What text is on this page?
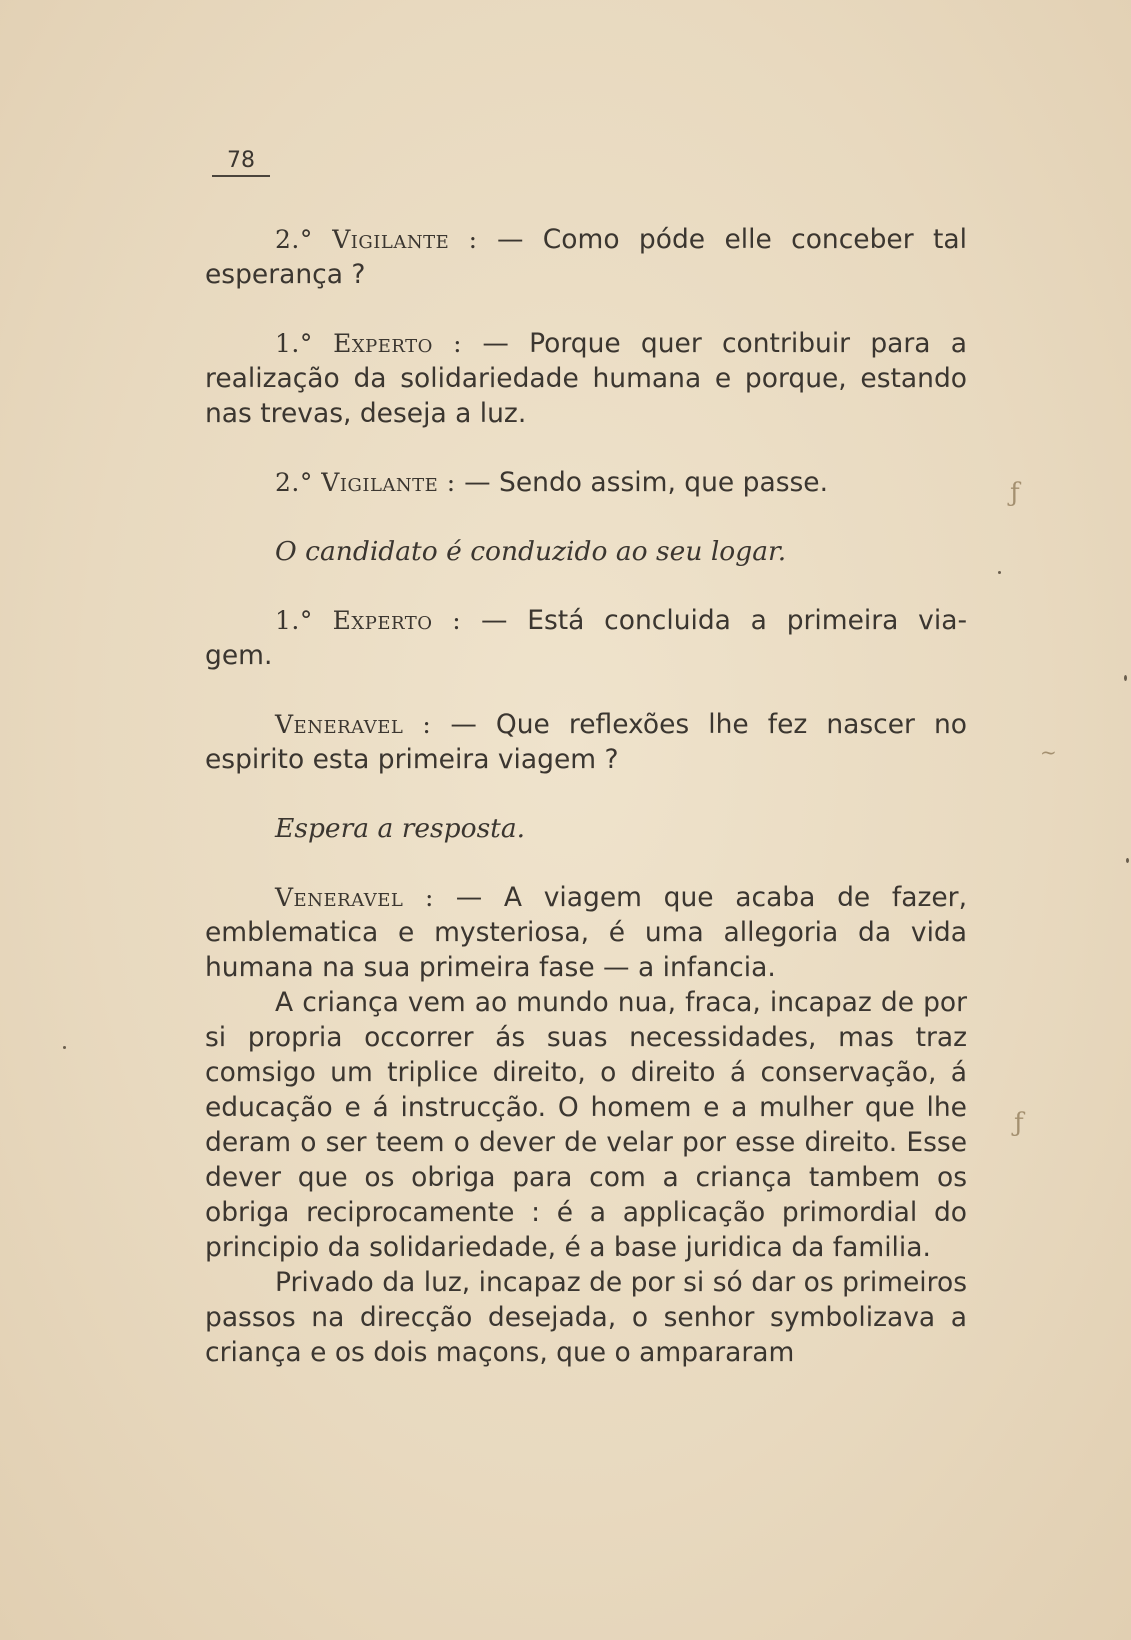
78

2.° Vigilante : — Como póde elle conceber tal
esperança ?

1.° Experto : — Porque quer contribuir para a
realização da solidariedade humana e porque, estando nas trevas, deseja a luz.

2.° Vigilante : — Sendo assim, que passe.

O candidato é conduzido ao seu logar.

1.° Experto : — Está concluida a primeira via-
gem.

Veneravel : — Que reflexões lhe fez nascer no
espirito esta primeira viagem ?

Espera a resposta.

Veneravel : — A viagem que acaba de fazer,
emblematica e mysteriosa, é uma allegoria da vida humana na sua primeira fase — a infancia.

A criança vem ao mundo nua, fraca, incapaz de por si propria occorrer ás suas necessidades, mas traz comsigo um triplice direito, o direito á conservação, á educação e á instrucção. O homem e a mulher que lhe deram o ser teem o dever de velar por esse direito. Esse dever que os obriga para com a criança tambem os obriga reciprocamente : é a applicação primordial do principio da solidariedade, é a base juridica da familia.

Privado da luz, incapaz de por si só dar os primeiros passos na direcção desejada, o senhor symbolizava a criança e os dois maçons, que o ampararam

ƒ
~
ƒ
